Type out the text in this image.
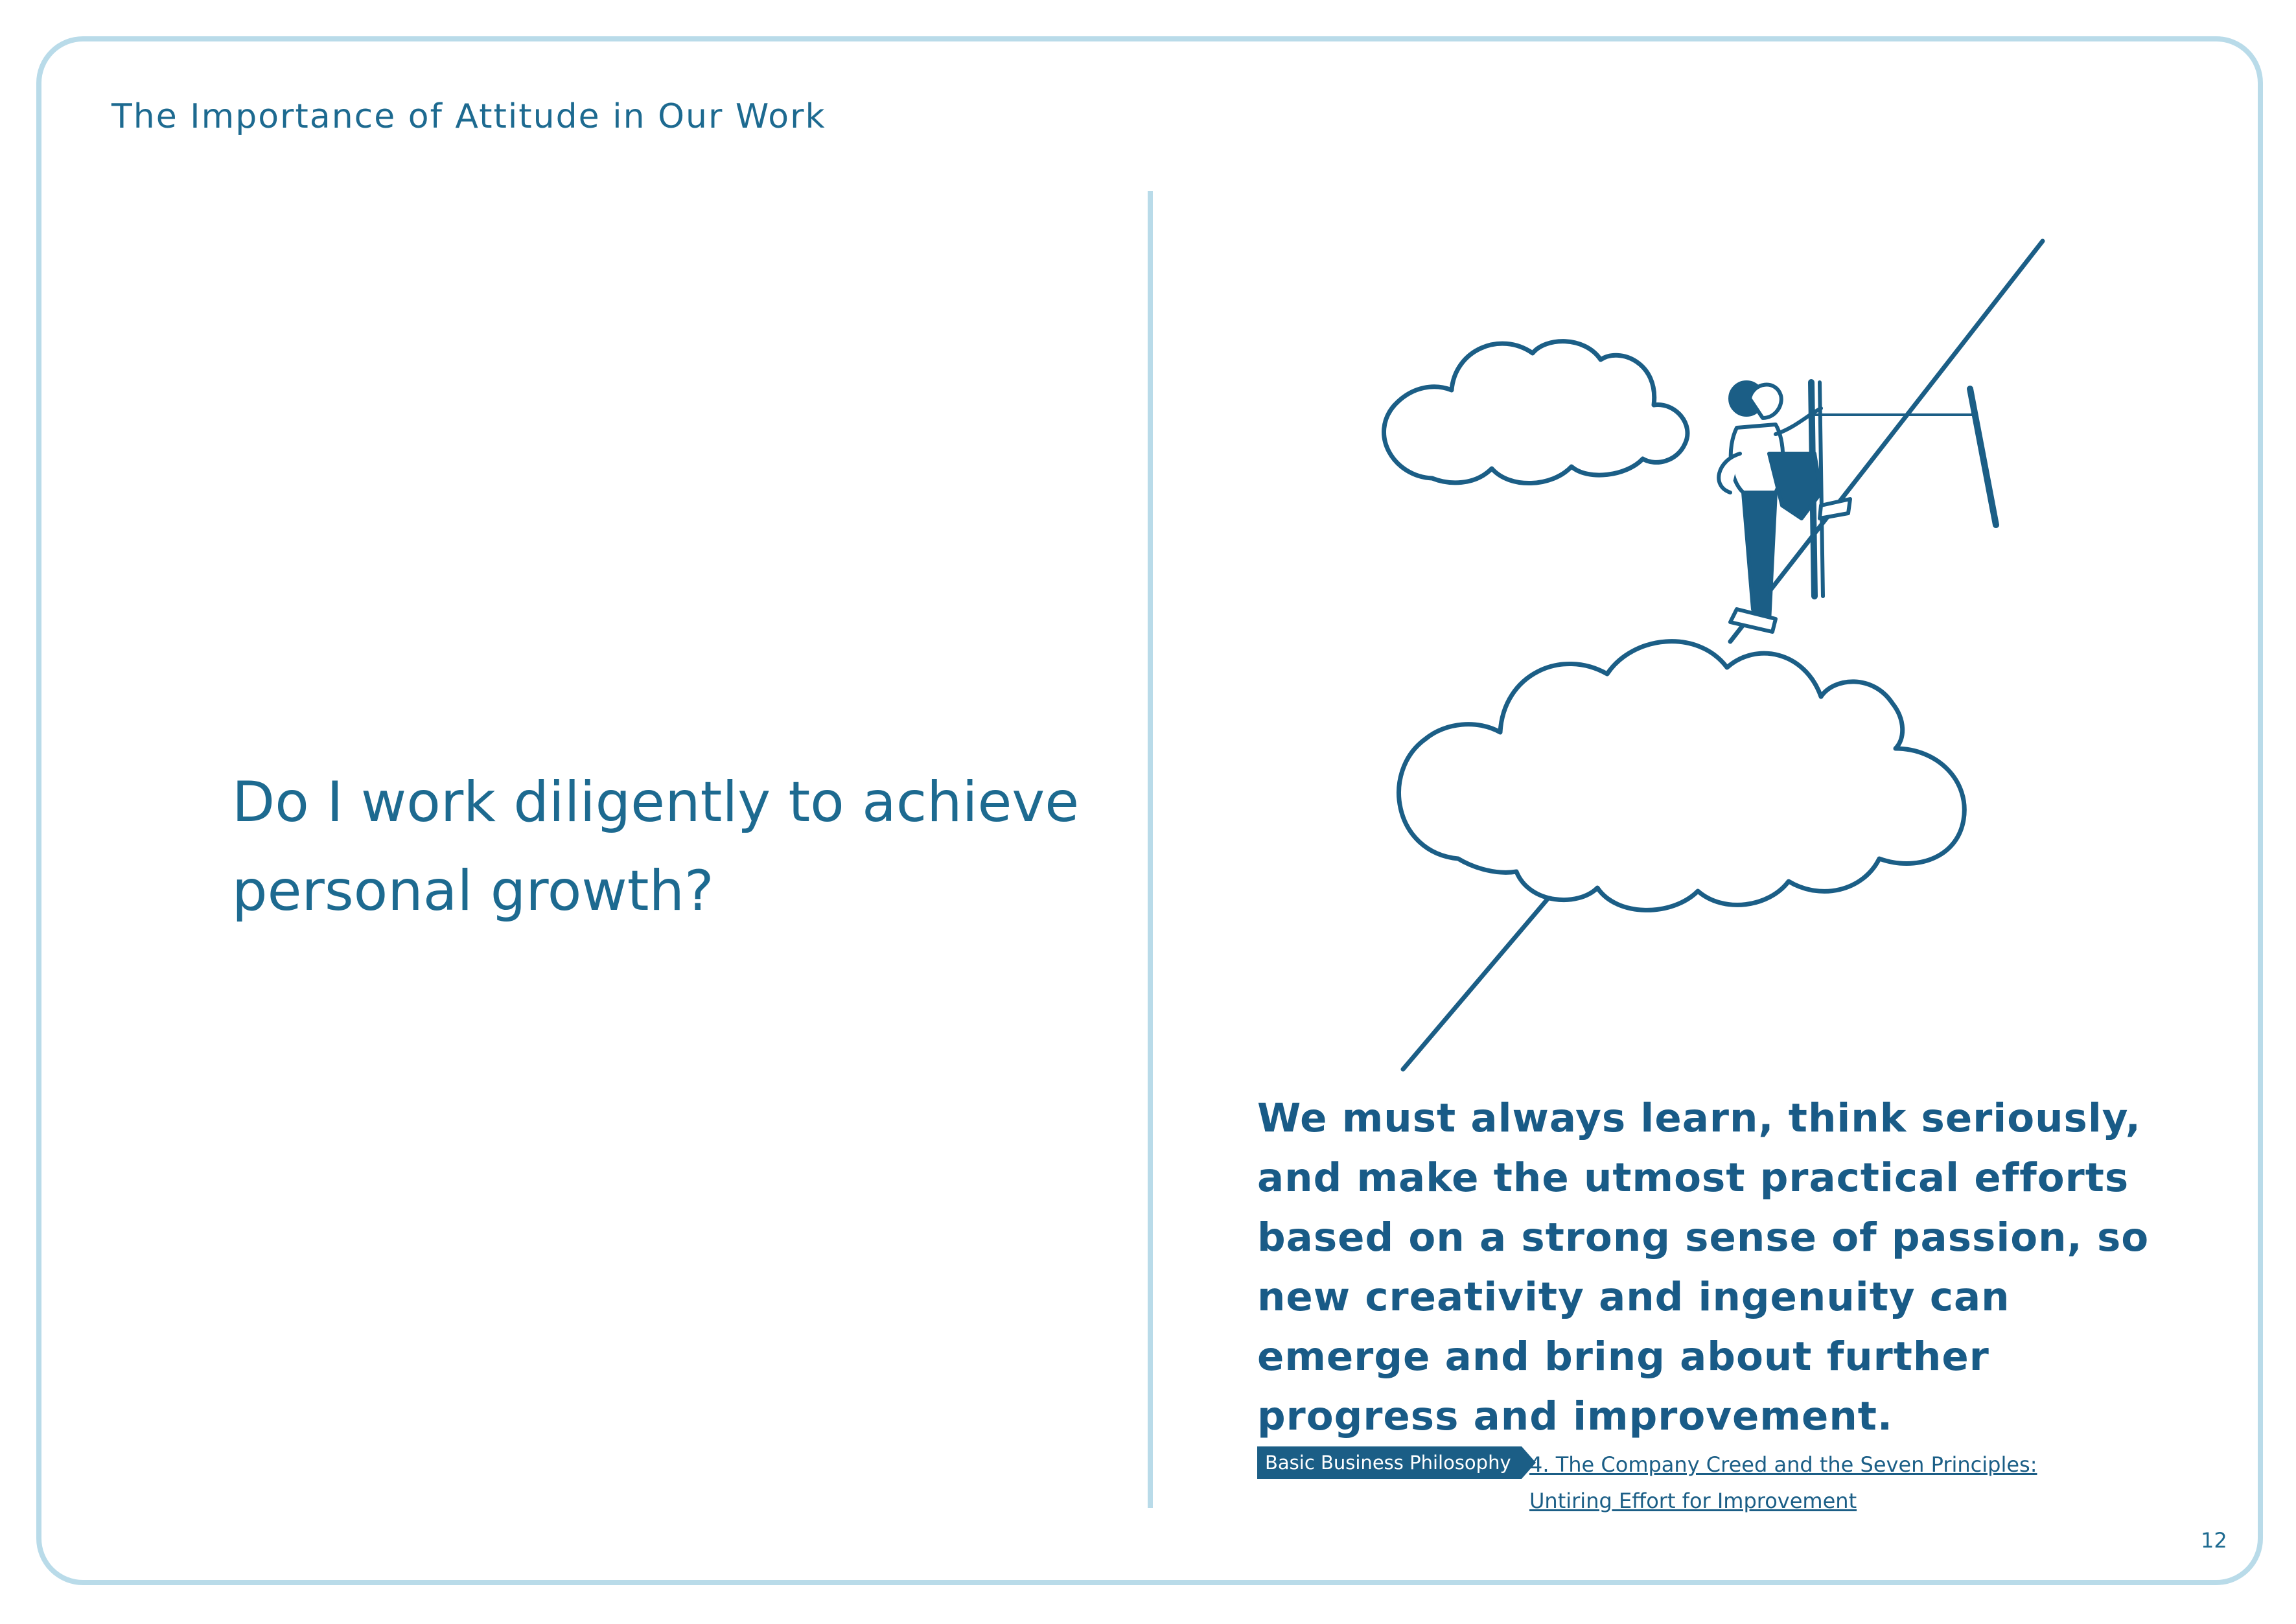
The Importance of Attitude in Our Work
Do I work diligently to achieve personal growth?
We must always learn, think seriously, and make the utmost practical efforts based on a strong sense of passion, so new creativity and ingenuity can emerge and bring about further progress and improvement.
Basic Business Philosophy 4. The Company Creed and the Seven Principles:
Untiring Effort for Improvement
12
